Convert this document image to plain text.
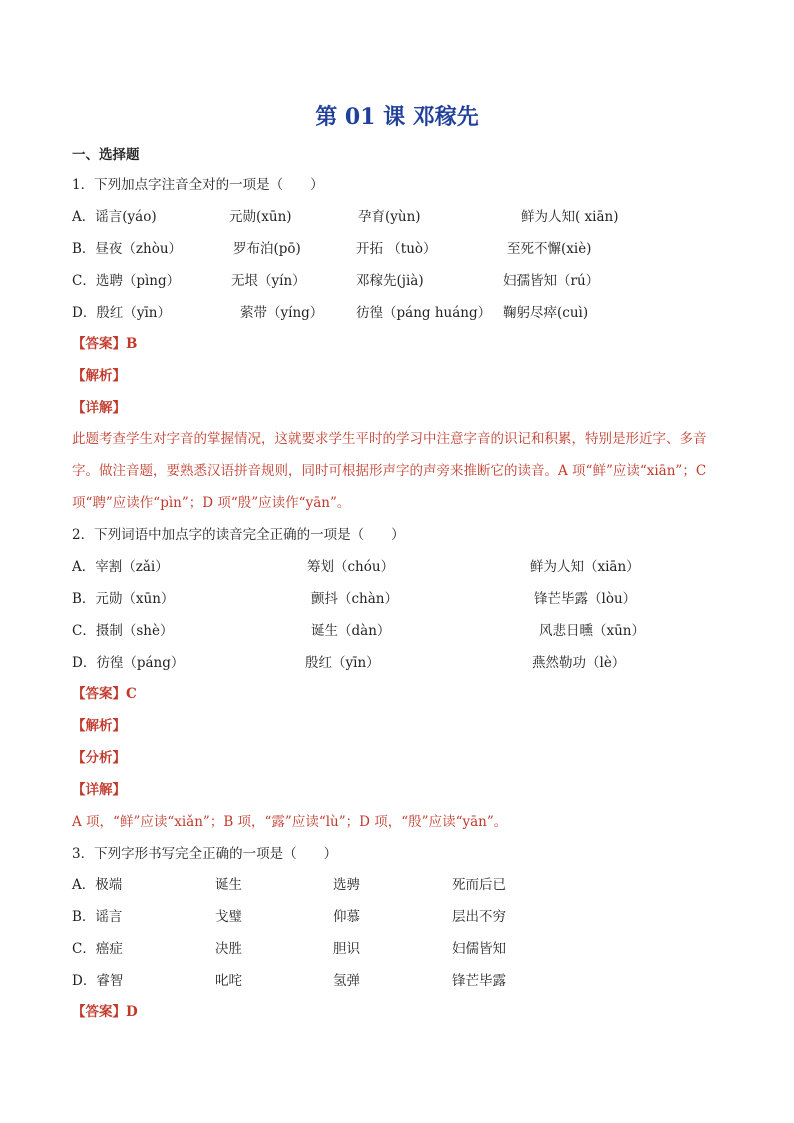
第 01 课 邓稼先
一、选择题
1．下列加点字注音全对的一项是（　　）
A．谣言(yáo)	元勋(xūn)	孕育(yùn)	鲜为人知( xiān)
B．昼夜（zhòu）	罗布泊(pō)	开拓 （tuò）	至死不懈(xiè)
C．选聘（pìng）	无垠（yín）	邓稼先(jià)	妇孺皆知（rú）
D．殷红（yīn）	萦带（yíng） 彷徨（páng huáng） 鞠躬尽瘁(cuì)
【答案】B
【解析】
【详解】
此题考查学生对字音的掌握情况，这就要求学生平时的学习中注意字音的识记和积累，特别是形近字、多音字。做注音题，要熟悉汉语拼音规则，同时可根据形声字的声旁来推断它的读音。A 项“鲜”应读“xiān”；C 项“聘”应读作“pìn”；D 项“殷”应读作“yān”。
2．下列词语中加点字的读音完全正确的一项是（　　）
A．宰割（zǎi）	筹划（chóu）	鲜为人知（xiān）
B．元勋（xūn）	颤抖（chàn）	锋芒毕露（lòu）
C．摄制（shè）	诞生（dàn）	风悲日曛（xūn）
D．彷徨（páng）	殷红（yīn）	燕然勒功（lè）
【答案】C
【解析】
【分析】
【详解】
A 项，“鲜”应读“xiǎn”；B 项，“露”应读“lù”；D 项，“殷”应读“yān”。
3．下列字形书写完全正确的一项是（　　）
A．极端	诞生	选骋	死而后已
B．谣言	戈璧	仰慕	层出不穷
C．癌症	决胜	胆识	妇儒皆知
D．睿智	叱咤	氢弹	锋芒毕露
【答案】D
